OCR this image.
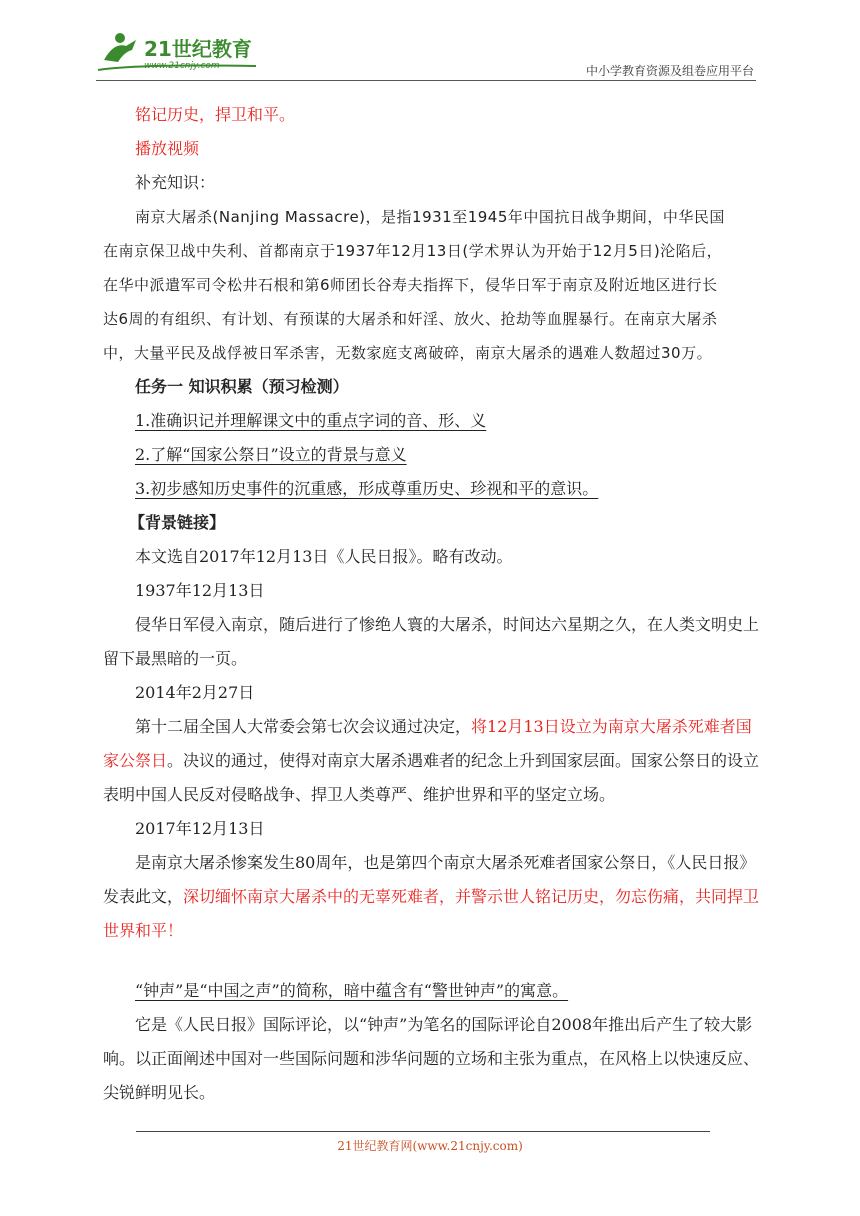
21世纪教育
www.21cnjy.com	中小学教育资源及组卷应用平台

铭记历史，捍卫和平。

播放视频

补充知识：

南京大屠杀(Nanjing Massacre)，是指1931至1945年中国抗日战争期间，中华民国在南京保卫战中失利、首都南京于1937年12月13日(学术界认为开始于12月5日)沦陷后，在华中派遣军司令松井石根和第6师团长谷寿夫指挥下，侵华日军于南京及附近地区进行长达6周的有组织、有计划、有预谋的大屠杀和奸淫、放火、抢劫等血腥暴行。在南京大屠杀中，大量平民及战俘被日军杀害，无数家庭支离破碎，南京大屠杀的遇难人数超过30万。

任务一 知识积累（预习检测）

1.准确识记并理解课文中的重点字词的音、形、义

2.了解“国家公祭日”设立的背景与意义

3.初步感知历史事件的沉重感，形成尊重历史、珍视和平的意识。

【背景链接】

本文选自2017年12月13日《人民日报》。略有改动。

1937年12月13日

侵华日军侵入南京，随后进行了惨绝人寰的大屠杀，时间达六星期之久，在人类文明史上留下最黑暗的一页。

2014年2月27日

第十二届全国人大常委会第七次会议通过决定，将12月13日设立为南京大屠杀死难者国家公祭日。决议的通过，使得对南京大屠杀遇难者的纪念上升到国家层面。国家公祭日的设立表明中国人民反对侵略战争、捍卫人类尊严、维护世界和平的坚定立场。

2017年12月13日

是南京大屠杀惨案发生80周年，也是第四个南京大屠杀死难者国家公祭日，《人民日报》发表此文，深切缅怀南京大屠杀中的无辜死难者，并警示世人铭记历史，勿忘伤痛，共同捍卫世界和平！

“钟声”是“中国之声”的简称，暗中蕴含有“警世钟声”的寓意。

它是《人民日报》国际评论，以“钟声”为笔名的国际评论自2008年推出后产生了较大影响。以正面阐述中国对一些国际问题和涉华问题的立场和主张为重点，在风格上以快速反应、尖锐鲜明见长。

21世纪教育网(www.21cnjy.com)
